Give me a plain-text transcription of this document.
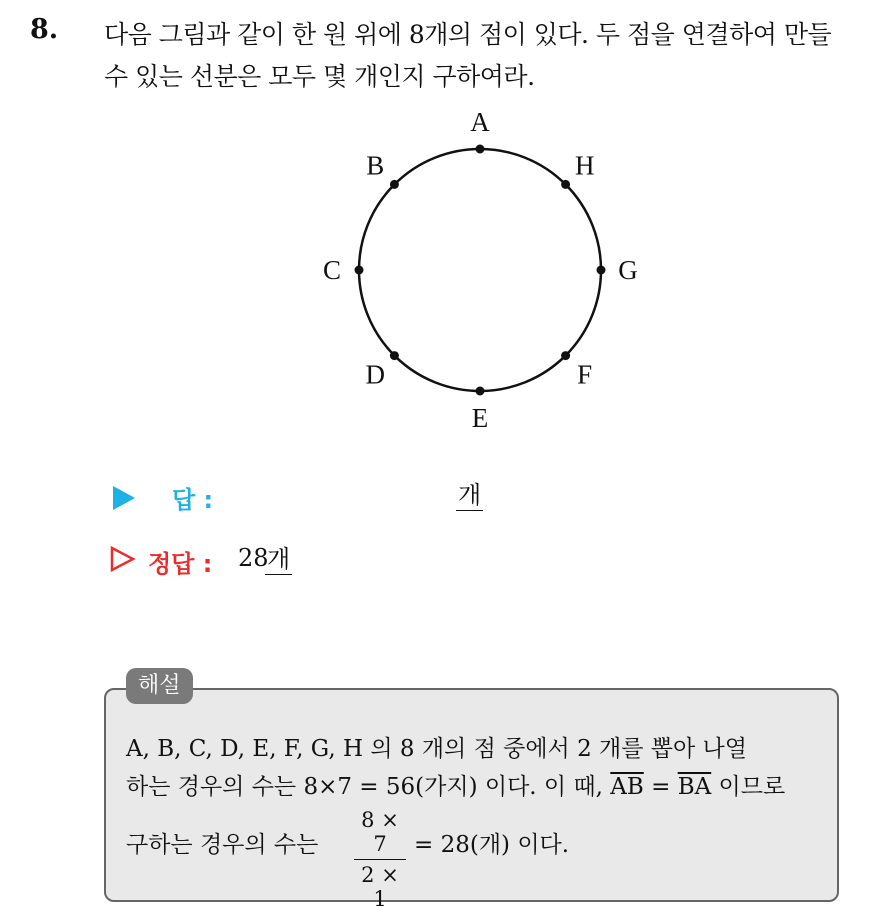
8. 다음 그림과 같이 한 원 위에 8개의 점이 있다. 두 점을 연결하여 만들
수 있는 선분은 모두 몇 개인지 구하여라.
A
H
G
F
E
D
C
B
답 :	개
정답 : 28
개
해설
A, B, C, D, E, F, G, H 의 8 개의 점 중에서 2 개를 뽑아 나열
하는 경우의 수는 8×7 = 56(가지) 이다. 이 때, $\overline{AB} = \overline{BA}$ 이므로
구하는 경우의 수는 $\frac{8 \times 7}{2 \times 1} = 28$(개) 이다.
